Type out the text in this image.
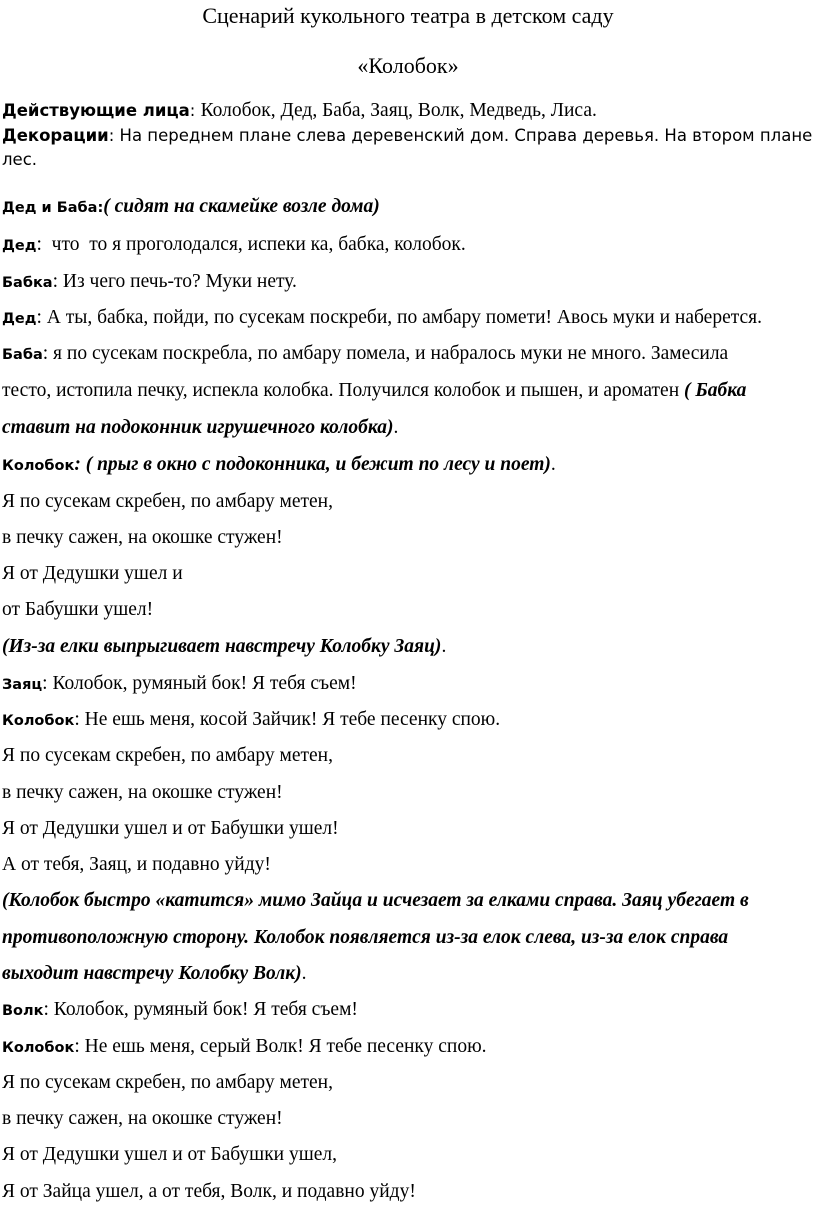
Сценарий кукольного театра в детском саду
«Колобок»
Действующие лица: Колобок, Дед, Баба, Заяц, Волк, Медведь, Лиса.
Декорации: На переднем плане слева деревенский дом. Справа деревья. На втором плане
лес.
Дед и Баба:( сидят на скамейке возле дома)
Дед:  что  то я проголодался, испеки ка, бабка, колобок.
Бабка: Из чего печь-то? Муки нету.
Дед: А ты, бабка, пойди, по сусекам поскреби, по амбару помети! Авось муки и наберется.
Баба: я по сусекам поскребла, по амбару помела, и набралось муки не много. Замесила
тесто, истопила печку, испекла колобка. Получился колобок и пышен, и ароматен ( Бабка
ставит на подоконник игрушечного колобка).
Колобок: ( прыг в окно с подоконника, и бежит по лесу и поет).
Я по сусекам скребен, по амбару метен,
в печку сажен, на окошке стужен!
Я от Дедушки ушел и
от Бабушки ушел!
(Из-за елки выпрыгивает навстречу Колобку Заяц).
Заяц: Колобок, румяный бок! Я тебя съем!
Колобок: Не ешь меня, косой Зайчик! Я тебе песенку спою.
Я по сусекам скребен, по амбару метен,
в печку сажен, на окошке стужен!
Я от Дедушки ушел и от Бабушки ушел!
А от тебя, Заяц, и подавно уйду!
(Колобок быстро «катится» мимо Зайца и исчезает за елками справа. Заяц убегает в
противоположную сторону. Колобок появляется из-за елок слева, из-за елок справа
выходит навстречу Колобку Волк).
Волк: Колобок, румяный бок! Я тебя съем!
Колобок: Не ешь меня, серый Волк! Я тебе песенку спою.
Я по сусекам скребен, по амбару метен,
в печку сажен, на окошке стужен!
Я от Дедушки ушел и от Бабушки ушел,
Я от Зайца ушел, а от тебя, Волк, и подавно уйду!
